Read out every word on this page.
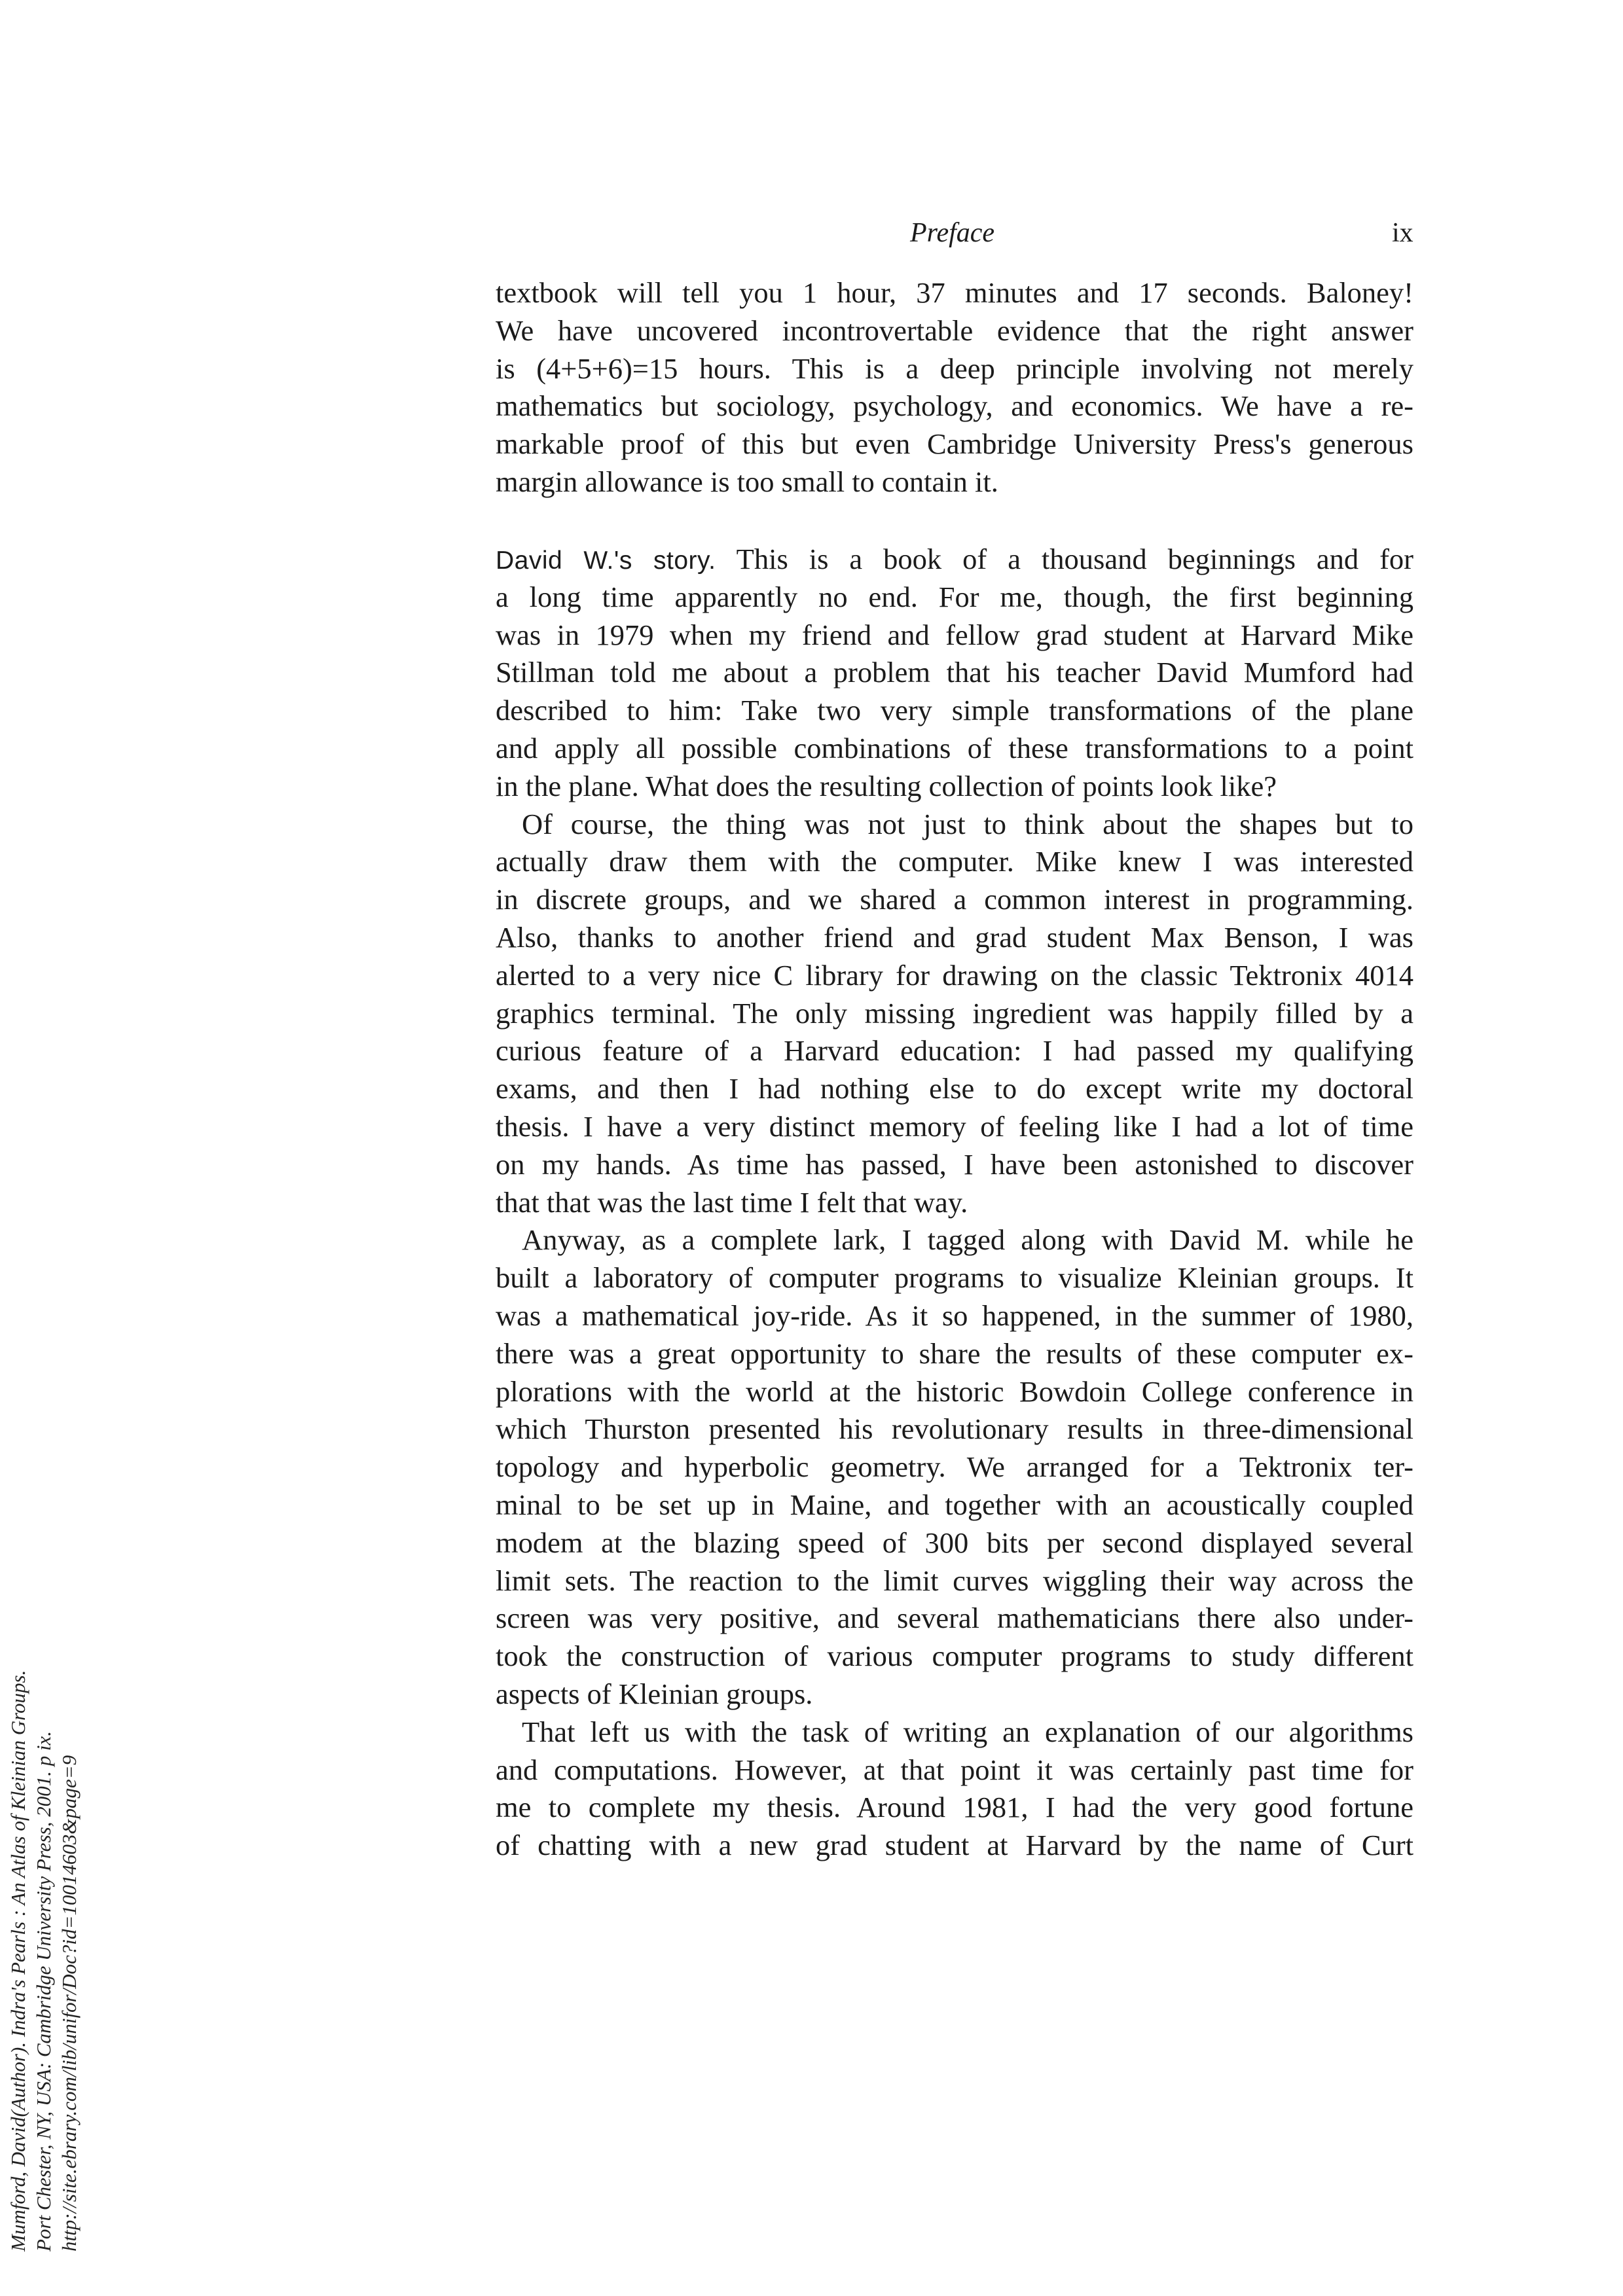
Preface	ix
textbook will tell you 1 hour, 37 minutes and 17 seconds. Baloney!
We have uncovered incontrovertable evidence that the right answer
is (4+5+6)=15 hours. This is a deep principle involving not merely
mathematics but sociology, psychology, and economics. We have a re-
markable proof of this but even Cambridge University Press's generous
margin allowance is too small to contain it.
David W.'s story. This is a book of a thousand beginnings and for
a long time apparently no end. For me, though, the first beginning
was in 1979 when my friend and fellow grad student at Harvard Mike
Stillman told me about a problem that his teacher David Mumford had
described to him: Take two very simple transformations of the plane
and apply all possible combinations of these transformations to a point
in the plane. What does the resulting collection of points look like?
Of course, the thing was not just to think about the shapes but to
actually draw them with the computer. Mike knew I was interested
in discrete groups, and we shared a common interest in programming.
Also, thanks to another friend and grad student Max Benson, I was
alerted to a very nice C library for drawing on the classic Tektronix 4014
graphics terminal. The only missing ingredient was happily filled by a
curious feature of a Harvard education: I had passed my qualifying
exams, and then I had nothing else to do except write my doctoral
thesis. I have a very distinct memory of feeling like I had a lot of time
on my hands. As time has passed, I have been astonished to discover
that that was the last time I felt that way.
Anyway, as a complete lark, I tagged along with David M. while he
built a laboratory of computer programs to visualize Kleinian groups. It
was a mathematical joy-ride. As it so happened, in the summer of 1980,
there was a great opportunity to share the results of these computer ex-
plorations with the world at the historic Bowdoin College conference in
which Thurston presented his revolutionary results in three-dimensional
topology and hyperbolic geometry. We arranged for a Tektronix ter-
minal to be set up in Maine, and together with an acoustically coupled
modem at the blazing speed of 300 bits per second displayed several
limit sets. The reaction to the limit curves wiggling their way across the
screen was very positive, and several mathematicians there also under-
took the construction of various computer programs to study different
aspects of Kleinian groups.
That left us with the task of writing an explanation of our algorithms
and computations. However, at that point it was certainly past time for
me to complete my thesis. Around 1981, I had the very good fortune
of chatting with a new grad student at Harvard by the name of Curt
Mumford, David(Author). Indra's Pearls : An Atlas of Kleinian Groups. Port Chester, NY, USA: Cambridge University Press, 2001. p ix. http://site.ebrary.com/lib/unifor/Doc?id=10014603&page=9
